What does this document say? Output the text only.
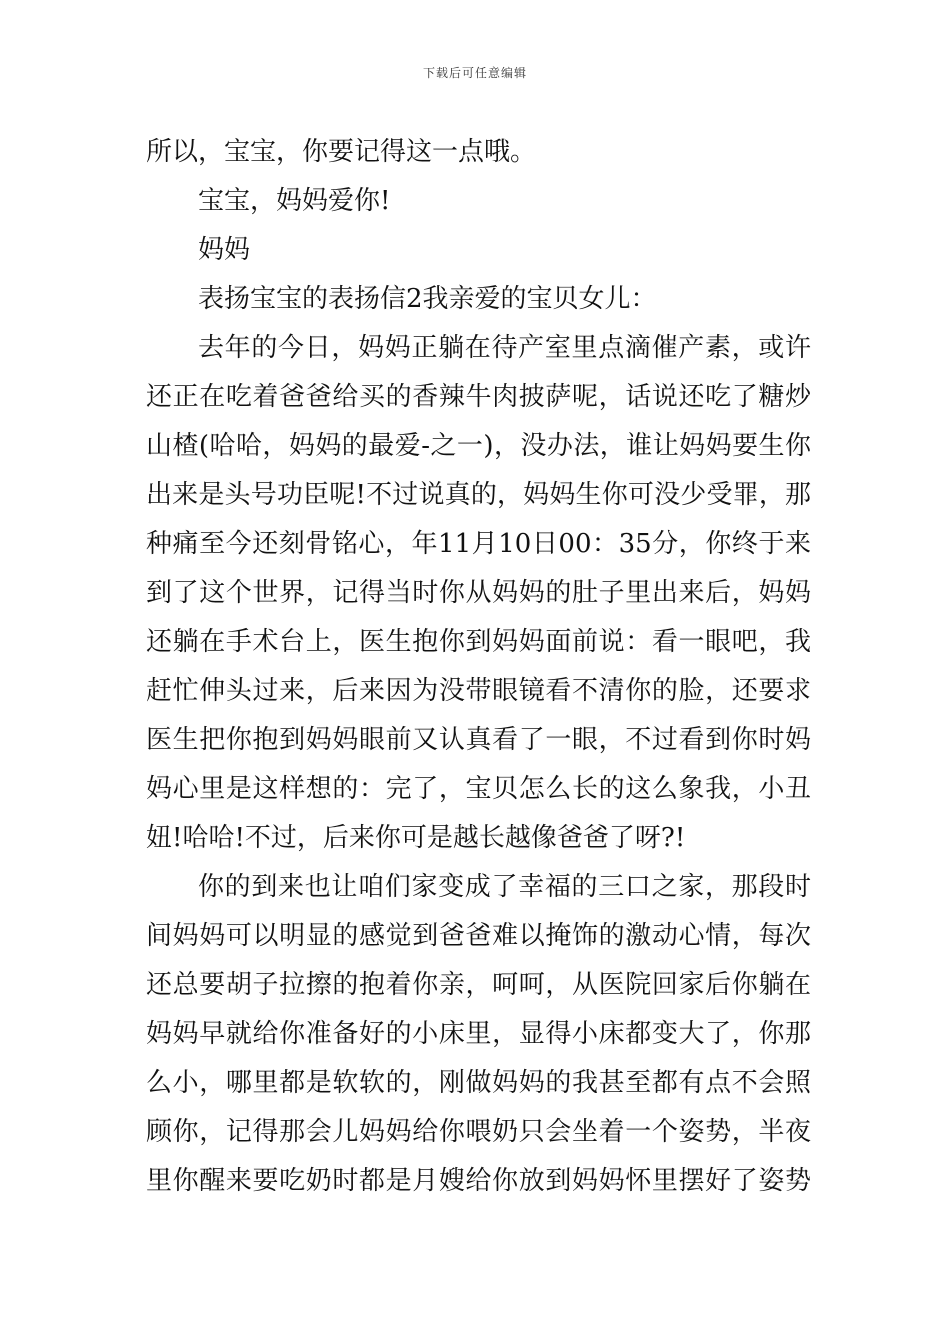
下载后可任意编辑
所以，宝宝，你要记得这一点哦。
宝宝，妈妈爱你!
妈妈
表扬宝宝的表扬信2我亲爱的宝贝女儿：
去年的今日，妈妈正躺在待产室里点滴催产素，或许
还正在吃着爸爸给买的香辣牛肉披萨呢，话说还吃了糖炒
山楂(哈哈，妈妈的最爱-之一)，没办法，谁让妈妈要生你
出来是头号功臣呢!不过说真的，妈妈生你可没少受罪，那
种痛至今还刻骨铭心，年11月10日00：35分，你终于来
到了这个世界，记得当时你从妈妈的肚子里出来后，妈妈
还躺在手术台上，医生抱你到妈妈面前说：看一眼吧，我
赶忙伸头过来，后来因为没带眼镜看不清你的脸，还要求
医生把你抱到妈妈眼前又认真看了一眼，不过看到你时妈
妈心里是这样想的：完了，宝贝怎么长的这么象我，小丑
妞!哈哈!不过，后来你可是越长越像爸爸了呀?!
你的到来也让咱们家变成了幸福的三口之家，那段时
间妈妈可以明显的感觉到爸爸难以掩饰的激动心情，每次
还总要胡子拉擦的抱着你亲，呵呵，从医院回家后你躺在
妈妈早就给你准备好的小床里，显得小床都变大了，你那
么小，哪里都是软软的，刚做妈妈的我甚至都有点不会照
顾你，记得那会儿妈妈给你喂奶只会坐着一个姿势，半夜
里你醒来要吃奶时都是月嫂给你放到妈妈怀里摆好了姿势
